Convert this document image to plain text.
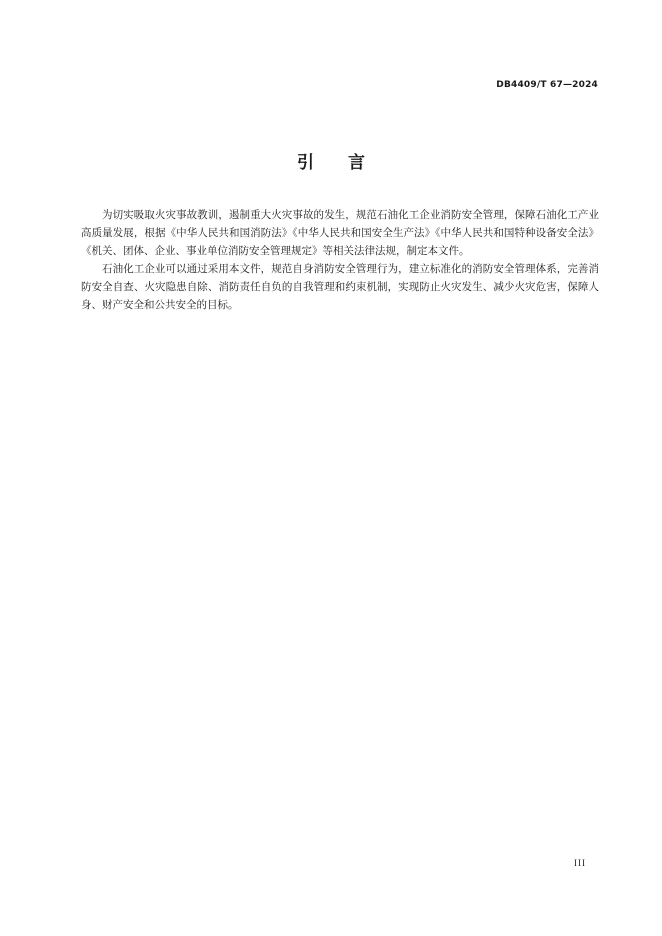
DB4409/T 67—2024
引言

为切实吸取火灾事故教训，遏制重大火灾事故的发生，规范石油化工企业消防安全管理，保障石油化工产业高质量发展，根据《中华人民共和国消防法》《中华人民共和国安全生产法》《中华人民共和国特种设备安全法》《机关、团体、企业、事业单位消防安全管理规定》等相关法律法规，制定本文件。

石油化工企业可以通过采用本文件，规范自身消防安全管理行为，建立标准化的消防安全管理体系，完善消防安全自查、火灾隐患自除、消防责任自负的自我管理和约束机制，实现防止火灾发生、减少火灾危害，保障人身、财产安全和公共安全的目标。

III
